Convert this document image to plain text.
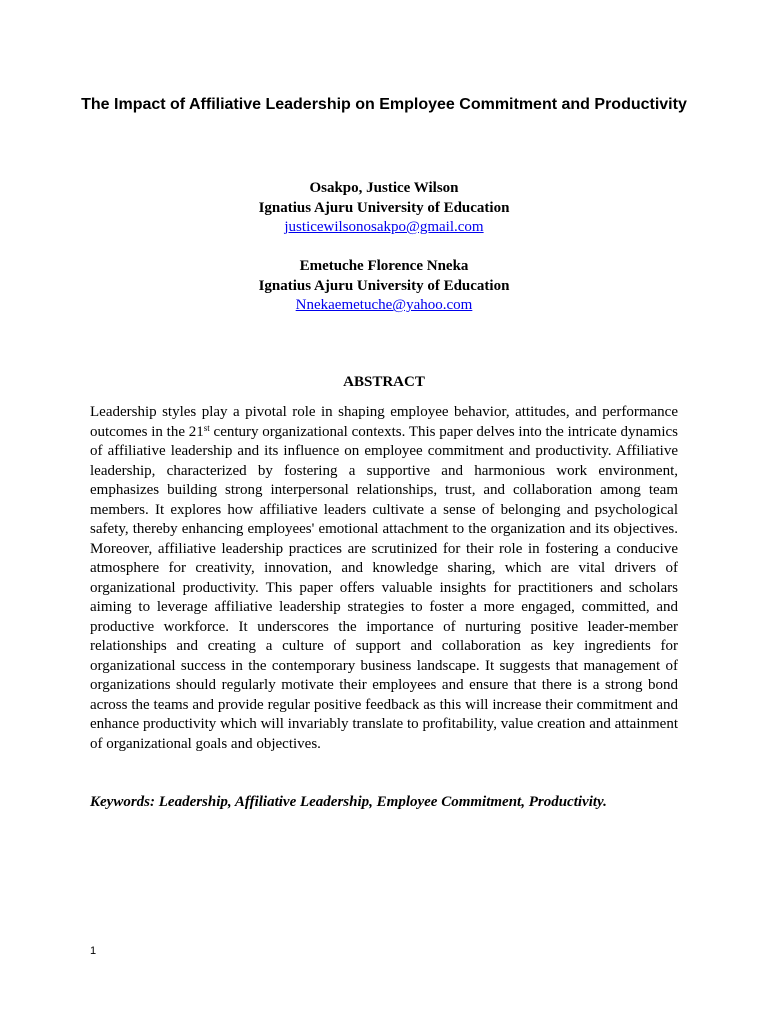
The Impact of Affiliative Leadership on Employee Commitment and Productivity
Osakpo, Justice Wilson
Ignatius Ajuru University of Education
justicewilsonosakpo@gmail.com
Emetuche Florence Nneka
Ignatius Ajuru University of Education
Nnekaemetuche@yahoo.com
ABSTRACT

Leadership styles play a pivotal role in shaping employee behavior, attitudes, and performance outcomes in the 21st century organizational contexts. This paper delves into the intricate dynamics of affiliative leadership and its influence on employee commitment and productivity. Affiliative leadership, characterized by fostering a supportive and harmonious work environment, emphasizes building strong interpersonal relationships, trust, and collaboration among team members. It explores how affiliative leaders cultivate a sense of belonging and psychological safety, thereby enhancing employees' emotional attachment to the organization and its objectives. Moreover, affiliative leadership practices are scrutinized for their role in fostering a conducive atmosphere for creativity, innovation, and knowledge sharing, which are vital drivers of organizational productivity. This paper offers valuable insights for practitioners and scholars aiming to leverage affiliative leadership strategies to foster a more engaged, committed, and productive workforce. It underscores the importance of nurturing positive leader-member relationships and creating a culture of support and collaboration as key ingredients for organizational success in the contemporary business landscape. It suggests that management of organizations should regularly motivate their employees and ensure that there is a strong bond across the teams and provide regular positive feedback as this will increase their commitment and enhance productivity which will invariably translate to profitability, value creation and attainment of organizational goals and objectives.

Keywords: Leadership, Affiliative Leadership, Employee Commitment, Productivity.

1
